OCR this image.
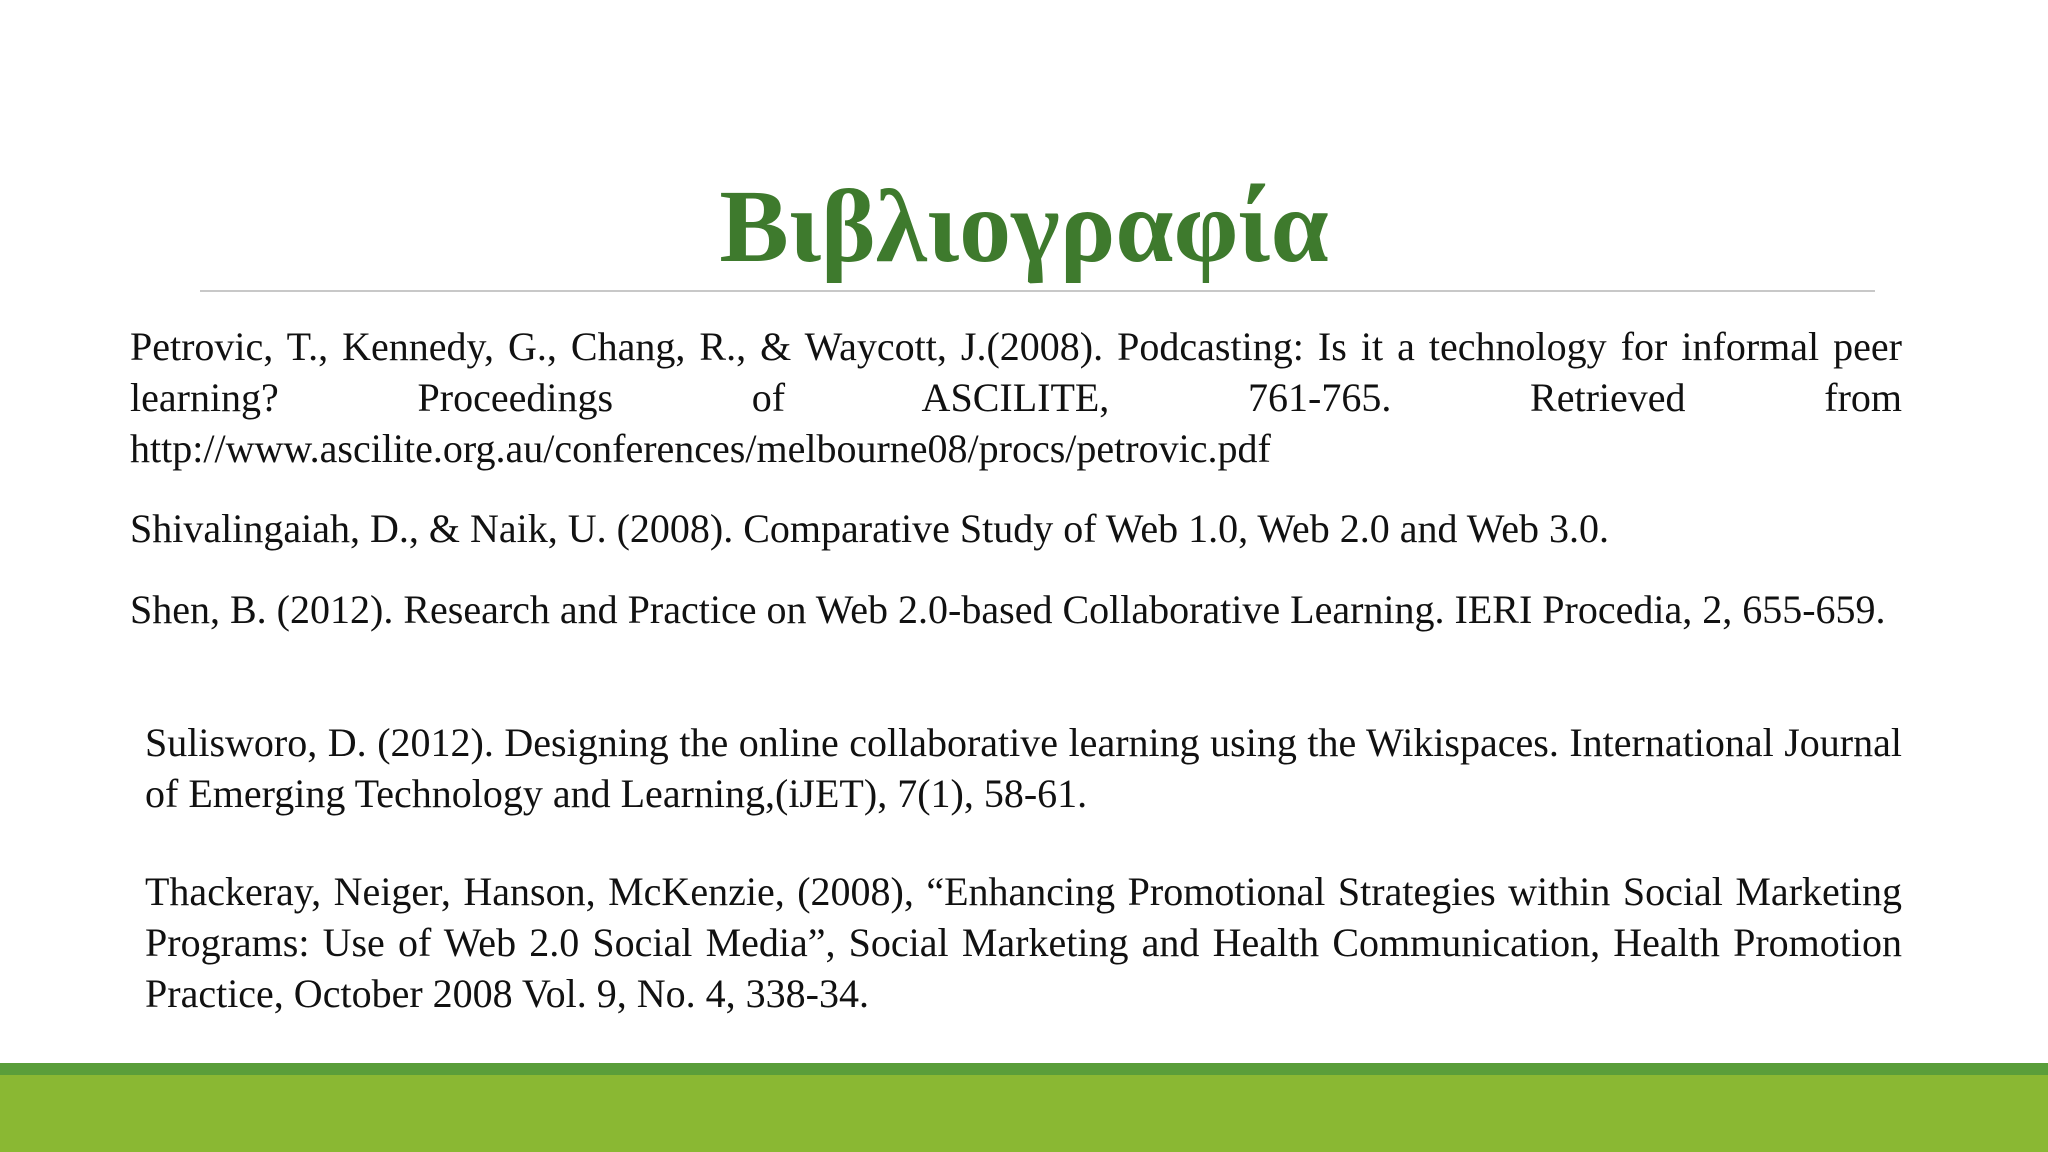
Βιβλιογραφία

Petrovic, T., Kennedy, G., Chang, R., & Waycott, J.(2008). Podcasting: Is it a technology for informal peer learning? Proceedings of ASCILITE, 761-765. Retrieved from http://www.ascilite.org.au/conferences/melbourne08/procs/petrovic.pdf

Shivalingaiah, D., & Naik, U. (2008). Comparative Study of Web 1.0, Web 2.0 and Web 3.0.

Shen, B. (2012). Research and Practice on Web 2.0-based Collaborative Learning. IERI Procedia, 2, 655-659.

Sulisworo, D. (2012). Designing the online collaborative learning using the Wikispaces. International Journal of Emerging Technology and Learning,(iJET), 7(1), 58-61.

Thackeray, Neiger, Hanson, McKenzie, (2008), “Enhancing Promotional Strategies within Social Marketing Programs: Use of Web 2.0 Social Media”, Social Marketing and Health Communication, Health Promotion Practice, October 2008 Vol. 9, No. 4, 338-34.
